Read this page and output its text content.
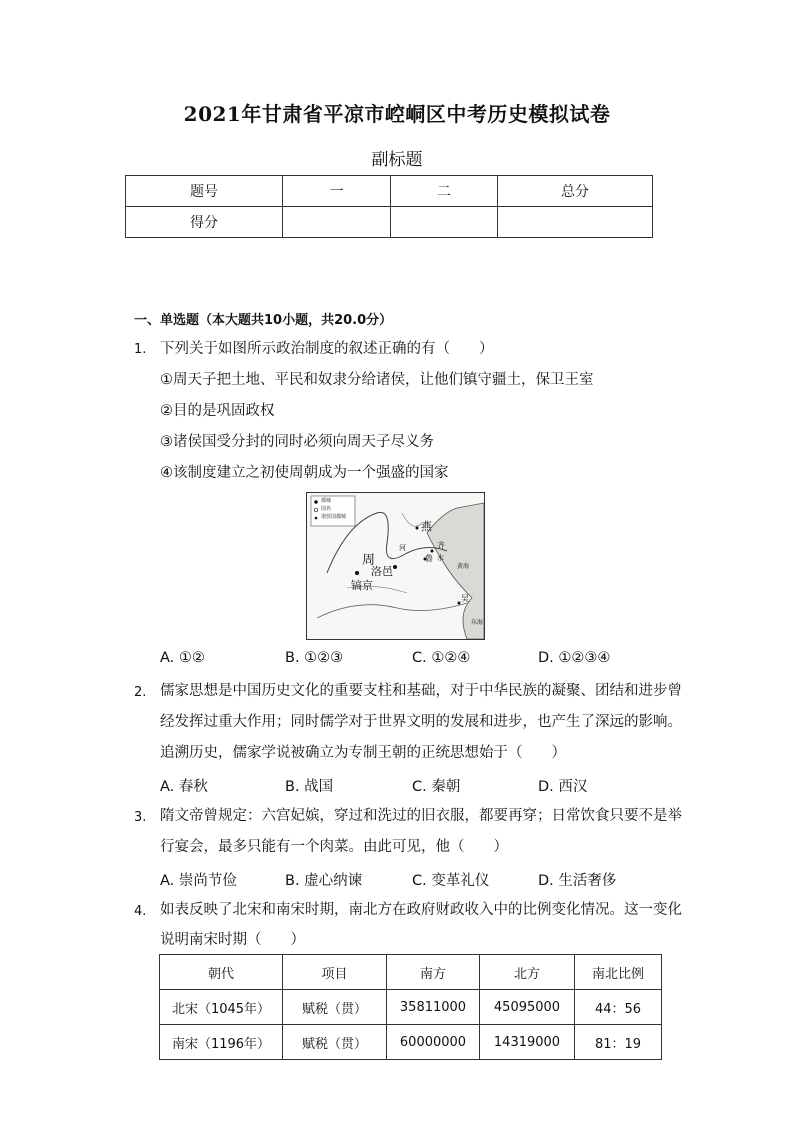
2021年甘肃省平凉市崆峒区中考历史模拟试卷
副标题
题号	一	二	总分
得分			
一、单选题（本大题共10小题，共20.0分）
1. 下列关于如图所示政治制度的叙述正确的有（　　）
①周天子把土地、平民和奴隶分给诸侯，让他们镇守疆土，保卫王室
②目的是巩固政权
③诸侯国受分封的同时必须向周天子尽义务
④该制度建立之初使周朝成为一个强盛的国家
都城
国名
诸侯国都城
周
洛邑
镐京
燕
齐
鲁
吴
黄海
东海
河
水
A. ①②	B. ①②③	C. ①②④	D. ①②③④
2. 儒家思想是中国历史文化的重要支柱和基础，对于中华民族的凝聚、团结和进步曾
经发挥过重大作用；同时儒学对于世界文明的发展和进步，也产生了深远的影响。
追溯历史，儒家学说被确立为专制王朝的正统思想始于（　　）
A. 春秋	B. 战国	C. 秦朝	D. 西汉
3. 隋文帝曾规定：六宫妃嫔，穿过和洗过的旧衣服，都要再穿；日常饮食只要不是举
行宴会，最多只能有一个肉菜。由此可见，他（　　）
A. 崇尚节俭	B. 虚心纳谏	C. 变革礼仪	D. 生活奢侈
4. 如表反映了北宋和南宋时期，南北方在政府财政收入中的比例变化情况。这一变化
说明南宋时期（　　）
朝代	项目	南方	北方	南北比例
北宋（1045年）	赋税（贯）	35811000	45095000	44：56
南宋（1196年）	赋税（贯）	60000000	14319000	81：19
